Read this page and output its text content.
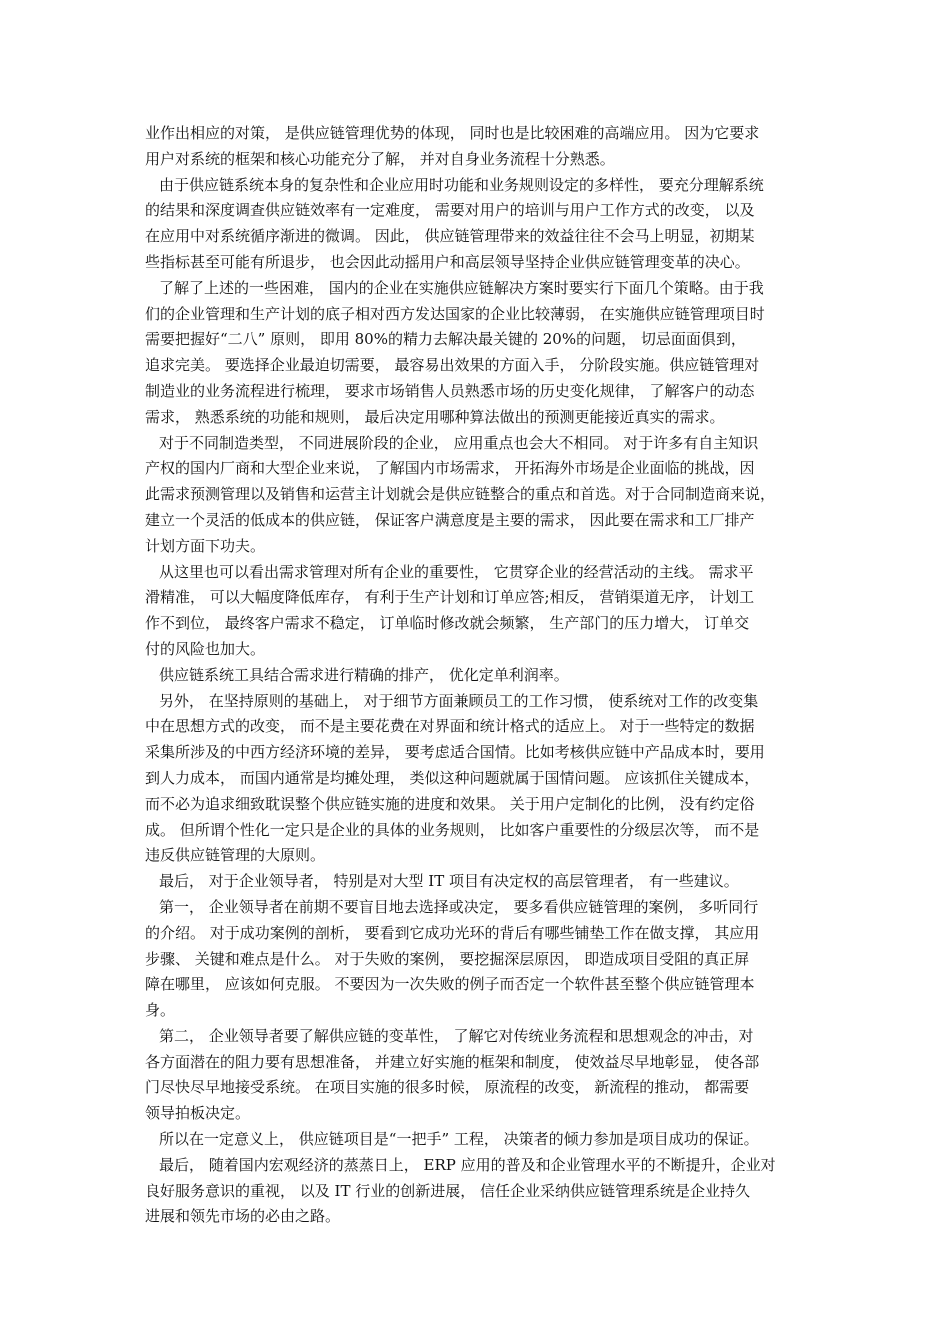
业作出相应的对策， 是供应链管理优势的体现， 同时也是比较困难的高端应用。 因为它要求
用户对系统的框架和核心功能充分了解， 并对自身业务流程十分熟悉。
由于供应链系统本身的复杂性和企业应用时功能和业务规则设定的多样性， 要充分理解系统
的结果和深度调查供应链效率有一定难度， 需要对用户的培训与用户工作方式的改变， 以及
在应用中对系统循序渐进的微调。 因此， 供应链管理带来的效益往往不会马上明显，初期某
些指标甚至可能有所退步， 也会因此动摇用户和高层领导坚持企业供应链管理变革的决心。
了解了上述的一些困难， 国内的企业在实施供应链解决方案时要实行下面几个策略。由于我
们的企业管理和生产计划的底子相对西方发达国家的企业比较薄弱， 在实施供应链管理项目时
需要把握好“二八” 原则， 即用 80%的精力去解决最关键的 20%的问题， 切忌面面俱到，
追求完美。 要选择企业最迫切需要， 最容易出效果的方面入手， 分阶段实施。供应链管理对
制造业的业务流程进行梳理， 要求市场销售人员熟悉市场的历史变化规律， 了解客户的动态
需求， 熟悉系统的功能和规则， 最后决定用哪种算法做出的预测更能接近真实的需求。
对于不同制造类型， 不同进展阶段的企业， 应用重点也会大不相同。 对于许多有自主知识
产权的国内厂商和大型企业来说， 了解国内市场需求， 开拓海外市场是企业面临的挑战，因
此需求预测管理以及销售和运营主计划就会是供应链整合的重点和首选。对于合同制造商来说，
建立一个灵活的低成本的供应链， 保证客户满意度是主要的需求， 因此要在需求和工厂排产
计划方面下功夫。
从这里也可以看出需求管理对所有企业的重要性， 它贯穿企业的经营活动的主线。 需求平
滑精准， 可以大幅度降低库存， 有利于生产计划和订单应答;相反， 营销渠道无序， 计划工
作不到位， 最终客户需求不稳定， 订单临时修改就会频繁， 生产部门的压力增大， 订单交
付的风险也加大。
供应链系统工具结合需求进行精确的排产， 优化定单利润率。
另外， 在坚持原则的基础上， 对于细节方面兼顾员工的工作习惯， 使系统对工作的改变集
中在思想方式的改变， 而不是主要花费在对界面和统计格式的适应上。 对于一些特定的数据
采集所涉及的中西方经济环境的差异， 要考虑适合国情。比如考核供应链中产品成本时，要用
到人力成本， 而国内通常是均摊处理， 类似这种问题就属于国情问题。 应该抓住关键成本，
而不必为追求细致耽误整个供应链实施的进度和效果。 关于用户定制化的比例， 没有约定俗
成。 但所谓个性化一定只是企业的具体的业务规则， 比如客户重要性的分级层次等， 而不是
违反供应链管理的大原则。
最后， 对于企业领导者， 特别是对大型 IT 项目有决定权的高层管理者， 有一些建议。
第一， 企业领导者在前期不要盲目地去选择或决定， 要多看供应链管理的案例， 多听同行
的介绍。 对于成功案例的剖析， 要看到它成功光环的背后有哪些铺垫工作在做支撑， 其应用
步骤、 关键和难点是什么。 对于失败的案例， 要挖掘深层原因， 即造成项目受阻的真正屏
障在哪里， 应该如何克服。 不要因为一次失败的例子而否定一个软件甚至整个供应链管理本
身。
第二， 企业领导者要了解供应链的变革性， 了解它对传统业务流程和思想观念的冲击，对
各方面潜在的阻力要有思想准备， 并建立好实施的框架和制度， 使效益尽早地彰显， 使各部
门尽快尽早地接受系统。 在项目实施的很多时候， 原流程的改变， 新流程的推动， 都需要
领导拍板决定。
所以在一定意义上， 供应链项目是“一把手” 工程， 决策者的倾力参加是项目成功的保证。
最后， 随着国内宏观经济的蒸蒸日上， ERP 应用的普及和企业管理水平的不断提升，企业对
良好服务意识的重视， 以及 IT 行业的创新进展， 信任企业采纳供应链管理系统是企业持久
进展和领先市场的必由之路。
